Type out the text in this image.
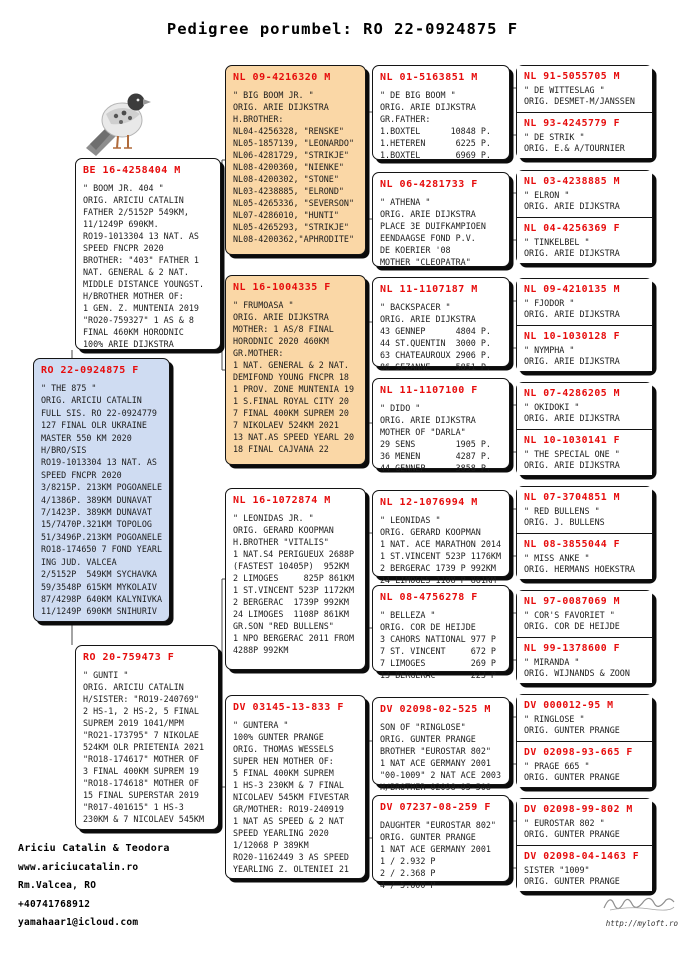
Pedigree porumbel: RO 22-0924875 F
RO 22-0924875 F
" THE 875 "
ORIG. ARICIU CATALIN
FULL SIS. RO 22-0924779
127 FINAL OLR UKRAINE
MASTER 550 KM 2020
H/BRO/SIS
RO19-1013304 13 NAT. AS
SPEED FNCPR 2020
3/8215P. 213KM POGOANELE
4/1386P. 389KM DUNAVAT
7/1423P. 389KM DUNAVAT
15/7470P.321KM TOPOLOG
51/3496P.213KM POGOANELE
RO18-174650 7 FOND YEARL
ING JUD. VALCEA
2/5152P  549KM SYCHAVKA
59/3548P 615KM MYKOLAIV
87/4298P 640KM KALYNIVKA
11/1249P 690KM SNIHURIV
BE 16-4258404 M
" BOOM JR. 404 "
ORIG. ARICIU CATALIN
FATHER 2/5152P 549KM,
11/1249P 690KM.
RO19-1013304 13 NAT. AS
SPEED FNCPR 2020
BROTHER: "403" FATHER 1
NAT. GENERAL & 2 NAT.
MIDDLE DISTANCE YOUNGST.
H/BROTHER MOTHER OF:
1 GEN. Z. MUNTENIA 2019
"RO20-759327" 1 AS & 8
FINAL 460KM HORODNIC
100% ARIE DIJKSTRA
RO 20-759473 F
" GUNTI "
ORIG. ARICIU CATALIN
H/SISTER: "RO19-240769"
2 HS-1, 2 HS-2, 5 FINAL
SUPREM 2019 1041/MPM
"RO21-173795" 7 NIKOLAE
524KM OLR PRIETENIA 2021
"RO18-174617" MOTHER OF
3 FINAL 400KM SUPREM 19
"RO18-174618" MOTHER OF
15 FINAL SUPERSTAR 2019
"R017-401615" 1 HS-3
230KM & 7 NICOLAEV 545KM
NL 09-4216320 M
" BIG BOOM JR. "
ORIG. ARIE DIJKSTRA
H.BROTHER:
NL04-4256328, "RENSKE"
NL05-1857139, "LEONARDO"
NL06-4281729, "STRIKJE"
NL08-4200360, "NIENKE"
NL08-4200302, "STONE"
NL03-4238885, "ELROND"
NL05-4265336, "SEVERSON"
NL07-4286010, "HUNTI"
NL05-4265293, "STRIKJE"
NL08-4200362,"APHRODITE"
NL 16-1004335 F
" FRUMOASA "
ORIG. ARIE DIJKSTRA
MOTHER: 1 AS/8 FINAL
HORODNIC 2020 460KM
GR.MOTHER:
1 NAT. GENERAL & 2 NAT.
DEMIFOND YOUNG FNCPR 18
1 PROV. ZONE MUNTENIA 19
1 S.FINAL ROYAL CITY 20
7 FINAL 400KM SUPREM 20
7 NIKOLAEV 524KM 2021
13 NAT.AS SPEED YEARL 20
18 FINAL CAJVANA 22
NL 16-1072874 M
" LEONIDAS JR. "
ORIG. GERARD KOOPMAN
H.BROTHER "VITALIS"
1 NAT.S4 PERIGUEUX 2688P
(FASTEST 10405P)  952KM
2 LIMOGES     825P 861KM
1 ST.VINCENT 523P 1172KM
2 BERGERAC  1739P 992KM
24 LIMOGES  1108P 861KM
GR.SON "RED BULLENS"
1 NPO BERGERAC 2011 FROM
4288P 992KM
DV 03145-13-833 F
" GUNTERA "
100% GUNTER PRANGE
ORIG. THOMAS WESSELS
SUPER HEN MOTHER OF:
5 FINAL 400KM SUPREM
1 HS-3 230KM & 7 FINAL
NICOLAEV 545KM FIVESTAR
GR/MOTHER: RO19-240919
1 NAT AS SPEED & 2 NAT
SPEED YEARLING 2020
1/12068 P 389KM
RO20-1162449 3 AS SPEED
YEARLING Z. OLTENIEI 21
NL 01-5163851 M
" DE BIG BOOM "
ORIG. ARIE DIJKSTRA
GR.FATHER:
1.BOXTEL      10848 P.
1.HETEREN      6225 P.
1.BOXTEL       6969 P.
NL 06-4281733 F
" ATHENA "
ORIG. ARIE DIJKSTRA
PLACE 3E DUIFKAMPIOEN
EENDAAGSE FOND P.V.
DE KOERIER '08
MOTHER "CLEOPATRA"
NL 11-1107187 M
" BACKSPACER "
ORIG. ARIE DIJKSTRA
43 GENNEP      4804 P.
44 ST.QUENTIN  3000 P.
63 CHATEAUROUX 2906 P.
86 SEZANNE     5851 P.
NL 11-1107100 F
" DIDO "
ORIG. ARIE DIJKSTRA
MOTHER OF "DARLA"
29 SENS        1905 P.
36 MENEN       4287 P.
44 GENNEP      3858 P.
NL 12-1076994 M
" LEONIDAS "
ORIG. GERARD KOOPMAN
1 NAT. ACE MARATHON 2014
1 ST.VINCENT 523P 1176KM
2 BERGERAC 1739 P 992KM
24 LIMOGES 1108 P 861KM
NL 08-4756278 F
" BELLEZA "
ORIG. COR DE HEIJDE
3 CAHORS NATIONAL 977 P
7 ST. VINCENT     672 P
7 LIMOGES         269 P
13 BERGERAC       223 P
DV 02098-02-525 M
SON OF "RINGLOSE"
ORIG. GUNTER PRANGE
BROTHER "EUROSTAR 802"
1 NAT ACE GERMANY 2001
"00-1009" 2 NAT ACE 2003
H/BROTHER 02098-05-508
DV 07237-08-259 F
DAUGHTER "EUROSTAR 802"
ORIG. GUNTER PRANGE
1 NAT ACE GERMANY 2001
1 / 2.932 P
2 / 2.368 P
4 / 5.600 P
NL 91-5055705 M
" DE WITTESLAG "
ORIG. DESMET-M/JANSSEN
NL 93-4245779 F
" DE STRIK "
ORIG. E.& A/TOURNIER
NL 03-4238885 M
" ELRON "
ORIG. ARIE DIJKSTRA
NL 04-4256369 F
" TINKELBEL "
ORIG. ARIE DIJKSTRA
NL 09-4210135 M
" FJODOR "
ORIG. ARIE DIJKSTRA
NL 10-1030128 F
" NYMPHA "
ORIG. ARIE DIJKSTRA
NL 07-4286205 M
" OKIDOKI "
ORIG. ARIE DIJKSTRA
NL 10-1030141 F
" THE SPECIAL ONE "
ORIG. ARIE DIJKSTRA
NL 07-3704851 M
" RED BULLENS "
ORIG. J. BULLENS
NL 08-3855044 F
" MISS ANKE "
ORIG. HERMANS HOEKSTRA
NL 97-0087069 M
" COR'S FAVORIET "
ORIG. COR DE HEIJDE
NL 99-1378600 F
" MIRANDA "
ORIG. WIJNANDS & ZOON
DV 000012-95 M
" RINGLOSE "
ORIG. GUNTER PRANGE
DV 02098-93-665 F
" PRAGE 665 "
ORIG. GUNTER PRANGE
DV 02098-99-802 M
" EUROSTAR 802 "
ORIG. GUNTER PRANGE
DV 02098-04-1463 F
SISTER "1009"
ORIG. GUNTER PRANGE
Ariciu Catalin & Teodora
www.ariciucatalin.ro
Rm.Valcea, RO
+40741768912
yamahaar1@icloud.com	http://myloft.ro
